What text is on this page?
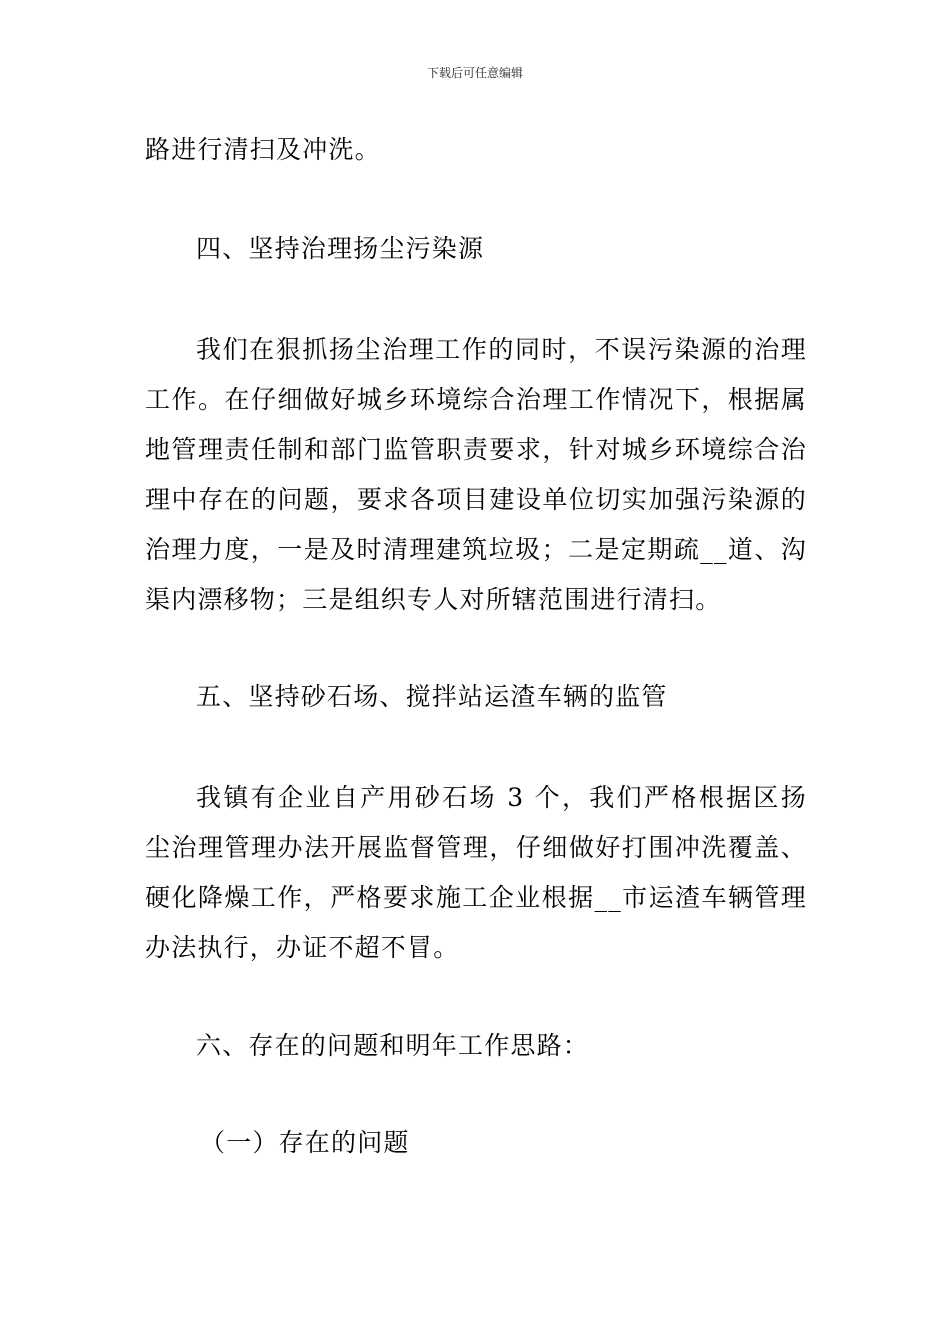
下载后可任意编辑

路进行清扫及冲洗。

四、坚持治理扬尘污染源

我们在狠抓扬尘治理工作的同时，不误污染源的治理工作。在仔细做好城乡环境综合治理工作情况下，根据属地管理责任制和部门监管职责要求，针对城乡环境综合治理中存在的问题，要求各项目建设单位切实加强污染源的治理力度，一是及时清理建筑垃圾；二是定期疏__道、沟渠内漂移物；三是组织专人对所辖范围进行清扫。

五、坚持砂石场、搅拌站运渣车辆的监管

我镇有企业自产用砂石场 3 个，我们严格根据区扬尘治理管理办法开展监督管理，仔细做好打围冲洗覆盖、硬化降燥工作，严格要求施工企业根据__市运渣车辆管理办法执行，办证不超不冒。

六、存在的问题和明年工作思路：
（一）存在的问题
